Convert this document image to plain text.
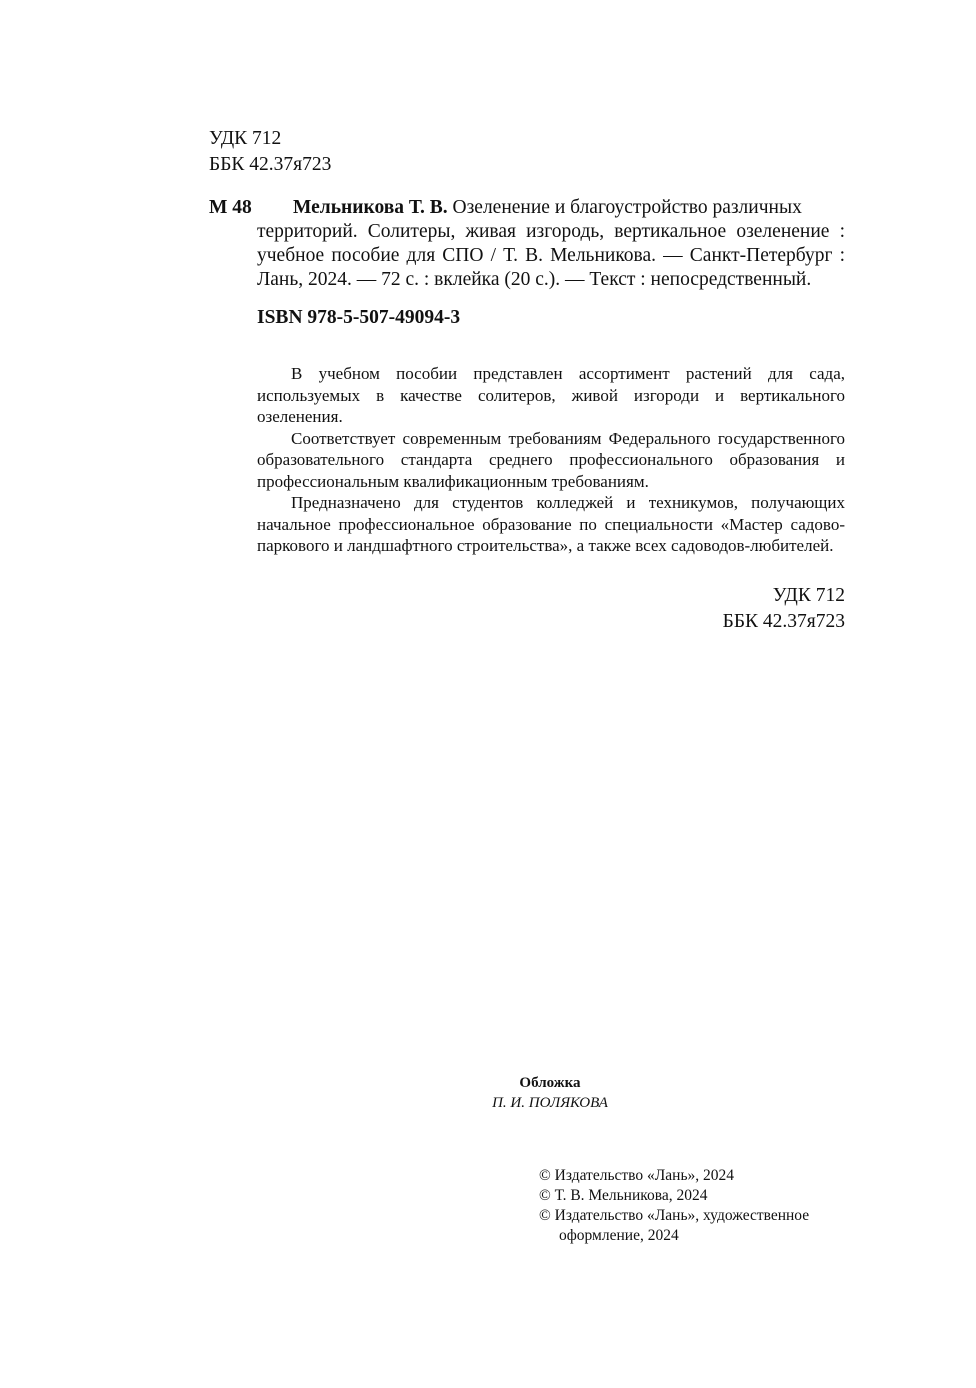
УДК 712
ББК 42.37я723
М 48 Мельникова Т. В. Озеленение и благоустройство различных
территорий. Солитеры, живая изгородь, вертикальное озеленение : учебное пособие для СПО / Т. В. Мельникова. — Санкт-Петербург : Лань, 2024. — 72 с. : вклейка (20 с.). — Текст : непосредственный.
ISBN 978-5-507-49094-3

В учебном пособии представлен ассортимент растений для сада, используемых в качестве солитеров, живой изгороди и вертикального озеленения.

Соответствует современным требованиям Федерального государственного образовательного стандарта среднего профессионального образования и профессиональным квалификационным требованиям.

Предназначено для студентов колледжей и техникумов, получающих начальное профессиональное образование по специальности «Мастер садово-паркового и ландшафтного строительства», а также всех садоводов-любителей.

УДК 712
ББК 42.37я723
Обложка
П. И. ПОЛЯКОВА
© Издательство «Лань», 2024
© Т. В. Мельникова, 2024
© Издательство «Лань», художественное
оформление, 2024
